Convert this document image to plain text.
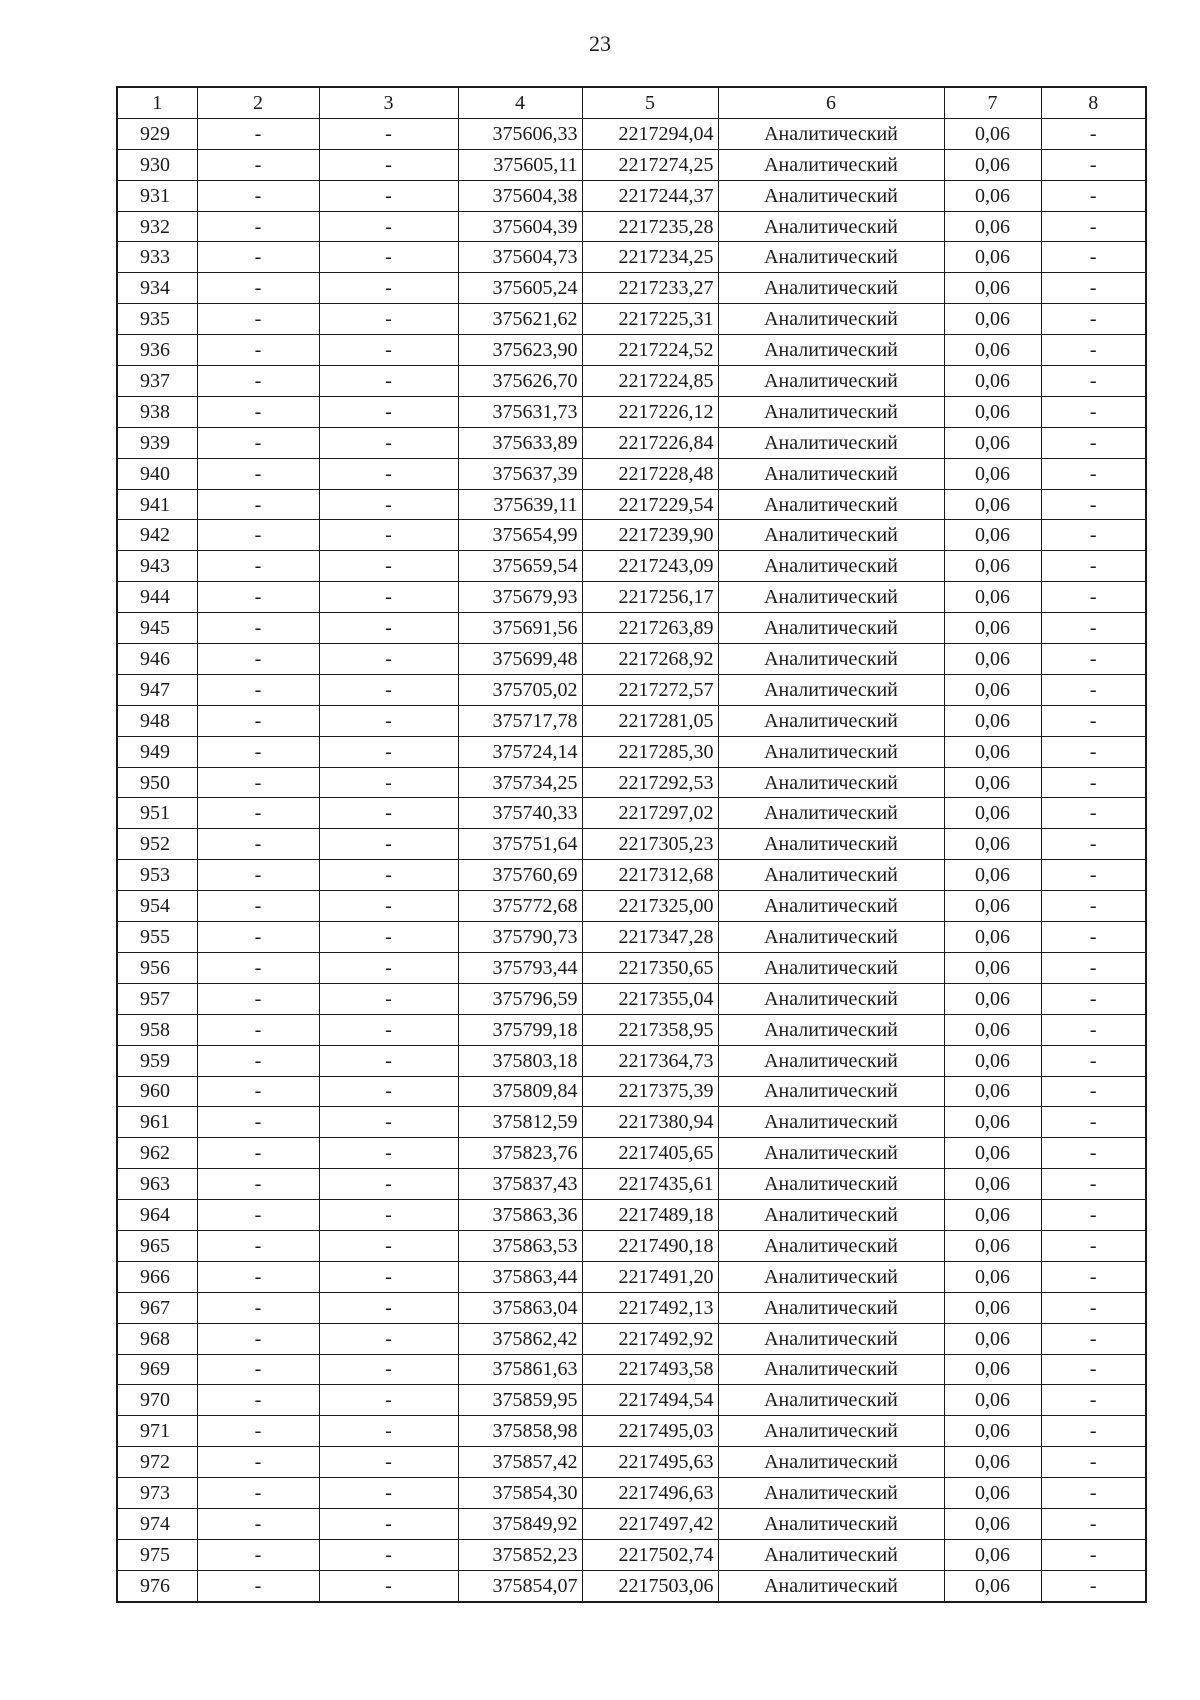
23
1	2	3	4	5	6	7	8
929	-	-	375606,33	2217294,04	Аналитический	0,06	-
930	-	-	375605,11	2217274,25	Аналитический	0,06	-
931	-	-	375604,38	2217244,37	Аналитический	0,06	-
932	-	-	375604,39	2217235,28	Аналитический	0,06	-
933	-	-	375604,73	2217234,25	Аналитический	0,06	-
934	-	-	375605,24	2217233,27	Аналитический	0,06	-
935	-	-	375621,62	2217225,31	Аналитический	0,06	-
936	-	-	375623,90	2217224,52	Аналитический	0,06	-
937	-	-	375626,70	2217224,85	Аналитический	0,06	-
938	-	-	375631,73	2217226,12	Аналитический	0,06	-
939	-	-	375633,89	2217226,84	Аналитический	0,06	-
940	-	-	375637,39	2217228,48	Аналитический	0,06	-
941	-	-	375639,11	2217229,54	Аналитический	0,06	-
942	-	-	375654,99	2217239,90	Аналитический	0,06	-
943	-	-	375659,54	2217243,09	Аналитический	0,06	-
944	-	-	375679,93	2217256,17	Аналитический	0,06	-
945	-	-	375691,56	2217263,89	Аналитический	0,06	-
946	-	-	375699,48	2217268,92	Аналитический	0,06	-
947	-	-	375705,02	2217272,57	Аналитический	0,06	-
948	-	-	375717,78	2217281,05	Аналитический	0,06	-
949	-	-	375724,14	2217285,30	Аналитический	0,06	-
950	-	-	375734,25	2217292,53	Аналитический	0,06	-
951	-	-	375740,33	2217297,02	Аналитический	0,06	-
952	-	-	375751,64	2217305,23	Аналитический	0,06	-
953	-	-	375760,69	2217312,68	Аналитический	0,06	-
954	-	-	375772,68	2217325,00	Аналитический	0,06	-
955	-	-	375790,73	2217347,28	Аналитический	0,06	-
956	-	-	375793,44	2217350,65	Аналитический	0,06	-
957	-	-	375796,59	2217355,04	Аналитический	0,06	-
958	-	-	375799,18	2217358,95	Аналитический	0,06	-
959	-	-	375803,18	2217364,73	Аналитический	0,06	-
960	-	-	375809,84	2217375,39	Аналитический	0,06	-
961	-	-	375812,59	2217380,94	Аналитический	0,06	-
962	-	-	375823,76	2217405,65	Аналитический	0,06	-
963	-	-	375837,43	2217435,61	Аналитический	0,06	-
964	-	-	375863,36	2217489,18	Аналитический	0,06	-
965	-	-	375863,53	2217490,18	Аналитический	0,06	-
966	-	-	375863,44	2217491,20	Аналитический	0,06	-
967	-	-	375863,04	2217492,13	Аналитический	0,06	-
968	-	-	375862,42	2217492,92	Аналитический	0,06	-
969	-	-	375861,63	2217493,58	Аналитический	0,06	-
970	-	-	375859,95	2217494,54	Аналитический	0,06	-
971	-	-	375858,98	2217495,03	Аналитический	0,06	-
972	-	-	375857,42	2217495,63	Аналитический	0,06	-
973	-	-	375854,30	2217496,63	Аналитический	0,06	-
974	-	-	375849,92	2217497,42	Аналитический	0,06	-
975	-	-	375852,23	2217502,74	Аналитический	0,06	-
976	-	-	375854,07	2217503,06	Аналитический	0,06	-
